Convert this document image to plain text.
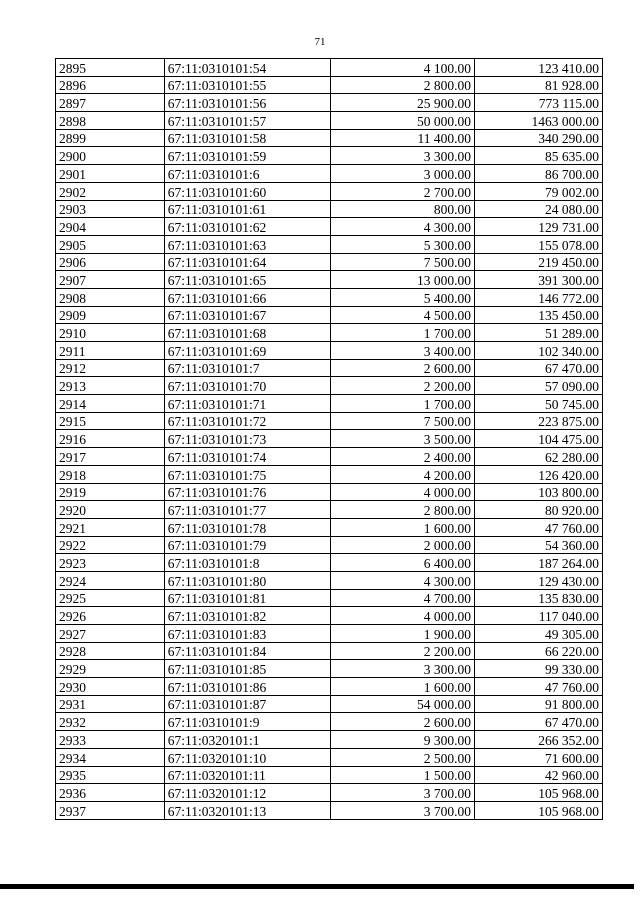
71
2895	67:11:0310101:54	4 100.00	123 410.00
2896	67:11:0310101:55	2 800.00	81 928.00
2897	67:11:0310101:56	25 900.00	773 115.00
2898	67:11:0310101:57	50 000.00	1463 000.00
2899	67:11:0310101:58	11 400.00	340 290.00
2900	67:11:0310101:59	3 300.00	85 635.00
2901	67:11:0310101:6	3 000.00	86 700.00
2902	67:11:0310101:60	2 700.00	79 002.00
2903	67:11:0310101:61	800.00	24 080.00
2904	67:11:0310101:62	4 300.00	129 731.00
2905	67:11:0310101:63	5 300.00	155 078.00
2906	67:11:0310101:64	7 500.00	219 450.00
2907	67:11:0310101:65	13 000.00	391 300.00
2908	67:11:0310101:66	5 400.00	146 772.00
2909	67:11:0310101:67	4 500.00	135 450.00
2910	67:11:0310101:68	1 700.00	51 289.00
2911	67:11:0310101:69	3 400.00	102 340.00
2912	67:11:0310101:7	2 600.00	67 470.00
2913	67:11:0310101:70	2 200.00	57 090.00
2914	67:11:0310101:71	1 700.00	50 745.00
2915	67:11:0310101:72	7 500.00	223 875.00
2916	67:11:0310101:73	3 500.00	104 475.00
2917	67:11:0310101:74	2 400.00	62 280.00
2918	67:11:0310101:75	4 200.00	126 420.00
2919	67:11:0310101:76	4 000.00	103 800.00
2920	67:11:0310101:77	2 800.00	80 920.00
2921	67:11:0310101:78	1 600.00	47 760.00
2922	67:11:0310101:79	2 000.00	54 360.00
2923	67:11:0310101:8	6 400.00	187 264.00
2924	67:11:0310101:80	4 300.00	129 430.00
2925	67:11:0310101:81	4 700.00	135 830.00
2926	67:11:0310101:82	4 000.00	117 040.00
2927	67:11:0310101:83	1 900.00	49 305.00
2928	67:11:0310101:84	2 200.00	66 220.00
2929	67:11:0310101:85	3 300.00	99 330.00
2930	67:11:0310101:86	1 600.00	47 760.00
2931	67:11:0310101:87	54 000.00	91 800.00
2932	67:11:0310101:9	2 600.00	67 470.00
2933	67:11:0320101:1	9 300.00	266 352.00
2934	67:11:0320101:10	2 500.00	71 600.00
2935	67:11:0320101:11	1 500.00	42 960.00
2936	67:11:0320101:12	3 700.00	105 968.00
2937	67:11:0320101:13	3 700.00	105 968.00
